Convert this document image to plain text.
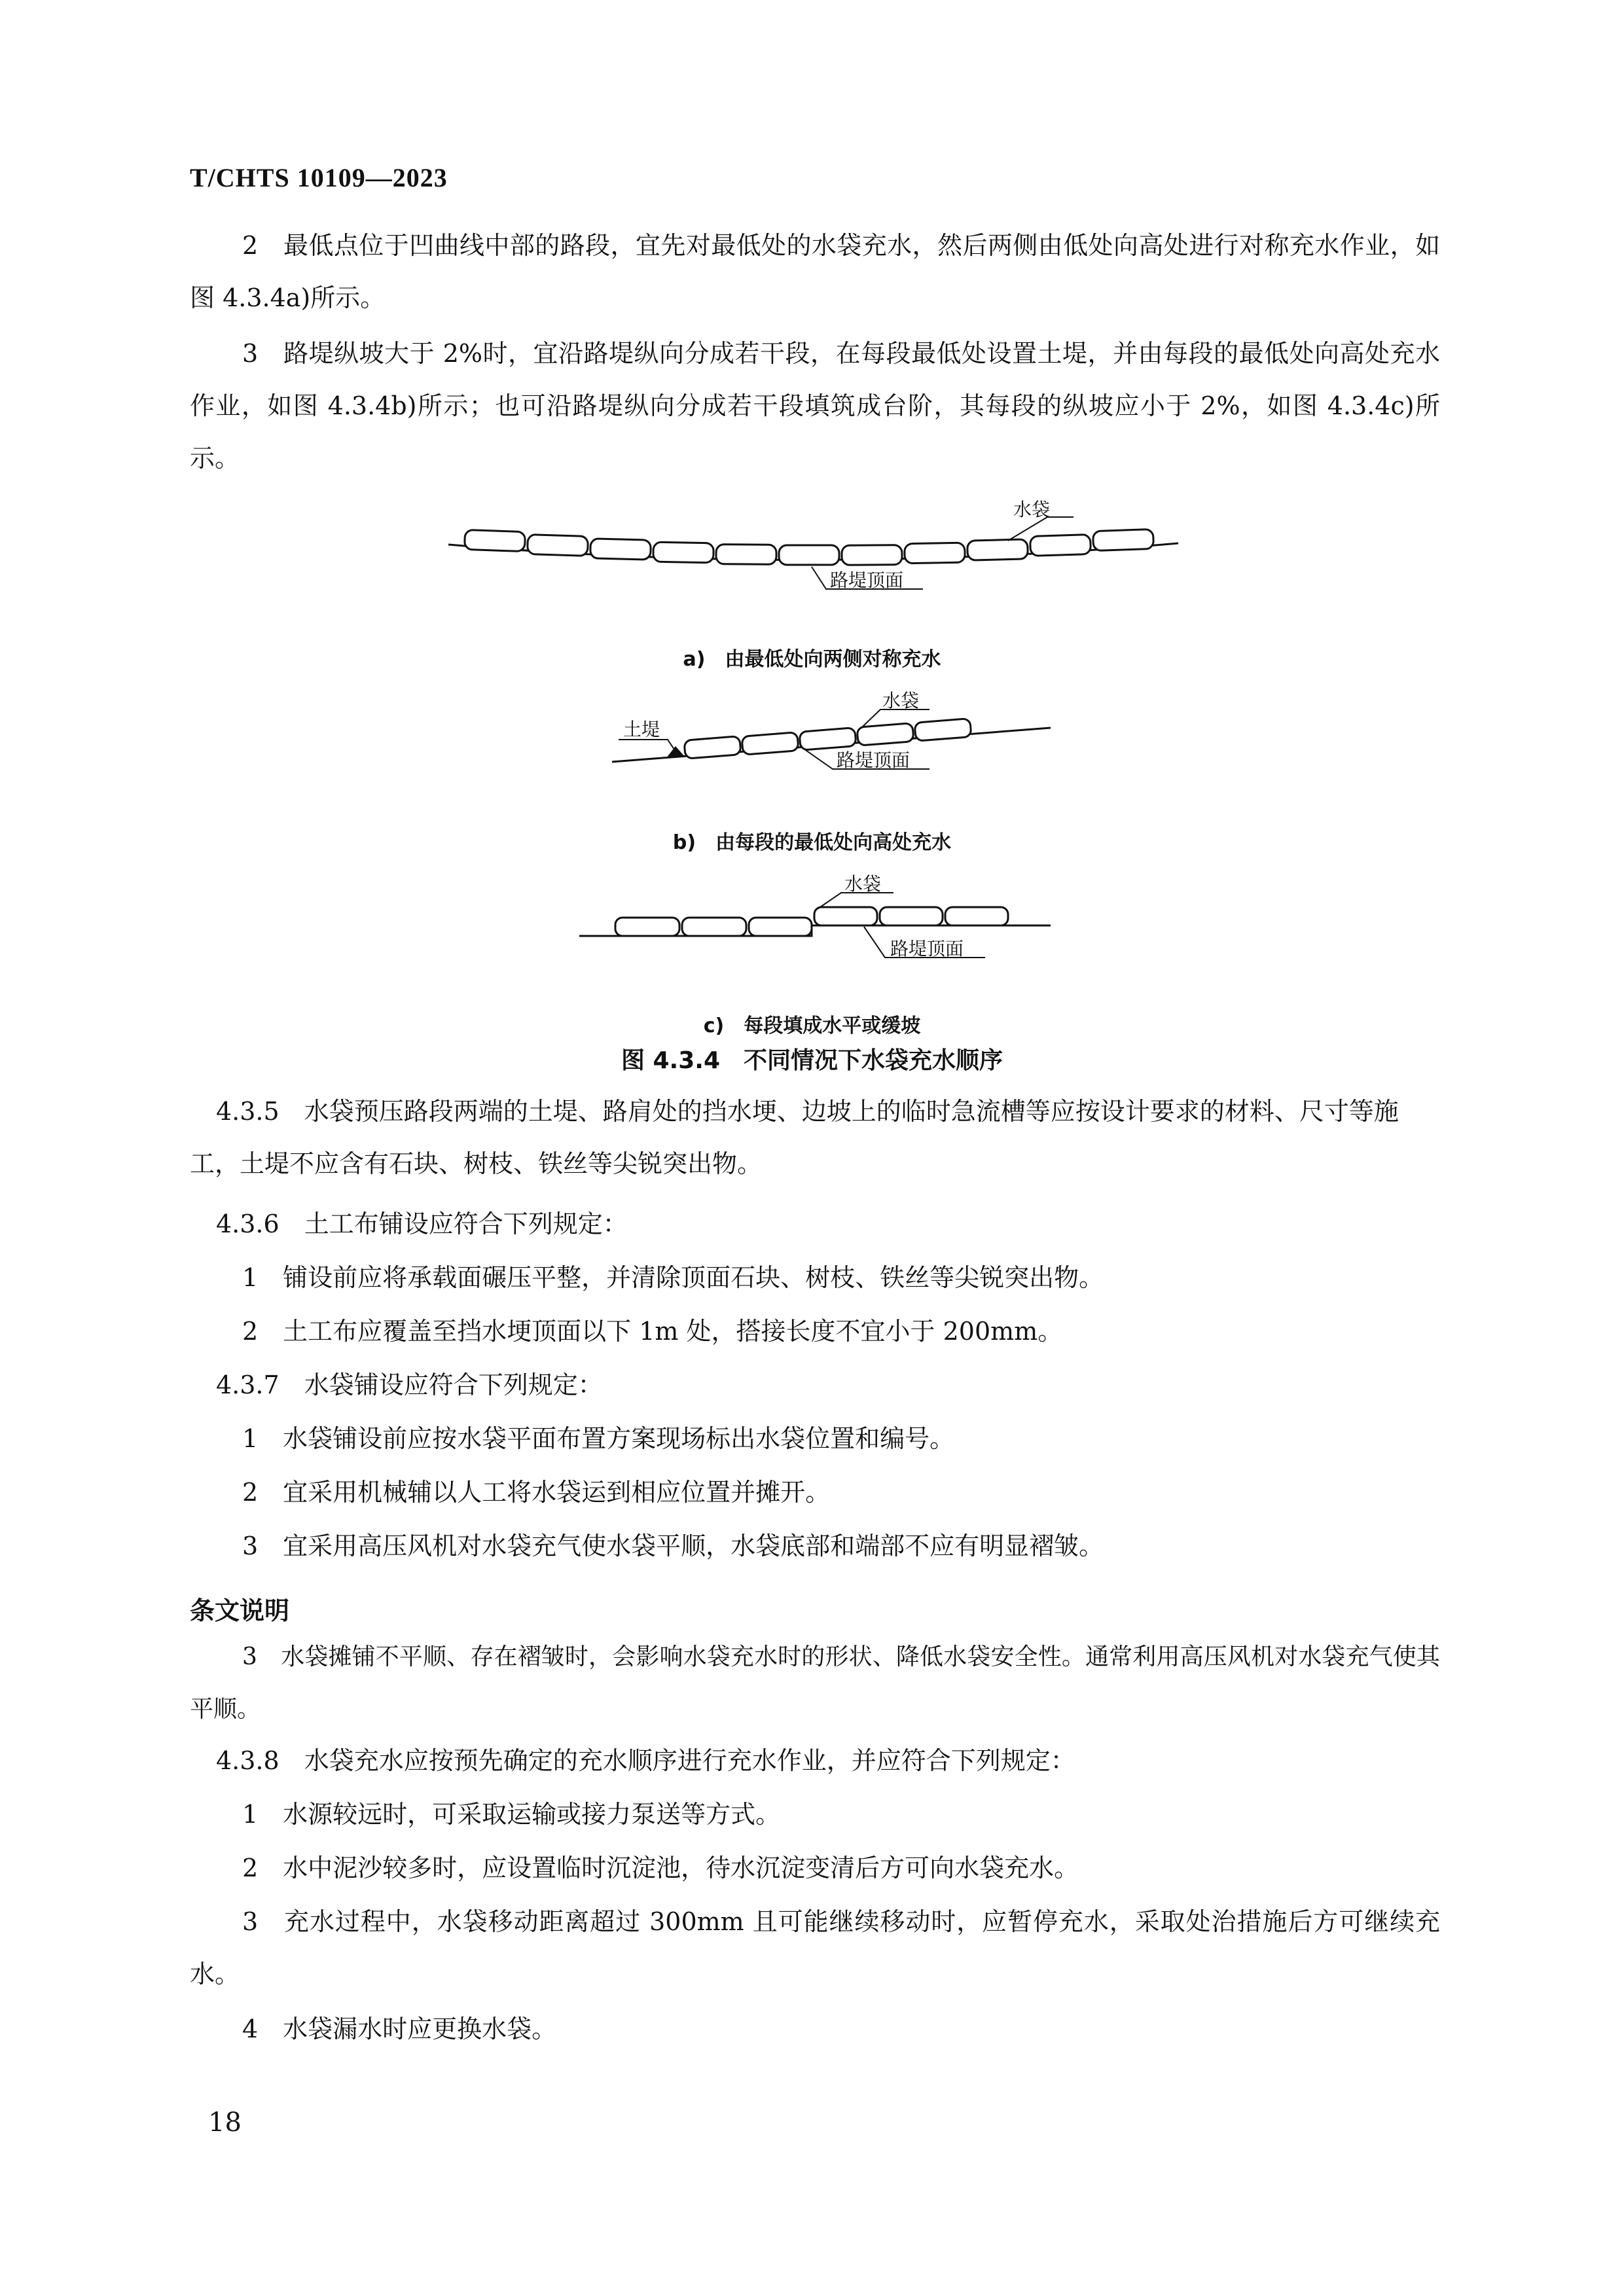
T/CHTS 10109—2023

2　最低点位于凹曲线中部的路段，宜先对最低处的水袋充水，然后两侧由低处向高处进行对称充水作业，如图 4.3.4a)所示。

3　路堤纵坡大于 2%时，宜沿路堤纵向分成若干段，在每段最低处设置土堤，并由每段的最低处向高处充水作业，如图 4.3.4b)所示；也可沿路堤纵向分成若干段填筑成台阶，其每段的纵坡应小于 2%，如图 4.3.4c)所示。

水袋
路堤顶面
土堤
水袋
路堤顶面
水袋
路堤顶面

a)　由最低处向两侧对称充水

b)　由每段的最低处向高处充水

c)　每段填成水平或缓坡

图 4.3.4　不同情况下水袋充水顺序

4.3.5　水袋预压路段两端的土堤、路肩处的挡水埂、边坡上的临时急流槽等应按设计要求的材料、尺寸等施工，土堤不应含有石块、树枝、铁丝等尖锐突出物。

4.3.6　土工布铺设应符合下列规定：

1　铺设前应将承载面碾压平整，并清除顶面石块、树枝、铁丝等尖锐突出物。

2　土工布应覆盖至挡水埂顶面以下 1m 处，搭接长度不宜小于 200mm。

4.3.7　水袋铺设应符合下列规定：

1　水袋铺设前应按水袋平面布置方案现场标出水袋位置和编号。

2　宜采用机械辅以人工将水袋运到相应位置并摊开。

3　宜采用高压风机对水袋充气使水袋平顺，水袋底部和端部不应有明显褶皱。

条文说明

3　水袋摊铺不平顺、存在褶皱时，会影响水袋充水时的形状、降低水袋安全性。通常利用高压风机对水袋充气使其平顺。

4.3.8　水袋充水应按预先确定的充水顺序进行充水作业，并应符合下列规定：

1　水源较远时，可采取运输或接力泵送等方式。

2　水中泥沙较多时，应设置临时沉淀池，待水沉淀变清后方可向水袋充水。

3　充水过程中，水袋移动距离超过 300mm 且可能继续移动时，应暂停充水，采取处治措施后方可继续充水。

4　水袋漏水时应更换水袋。

18
